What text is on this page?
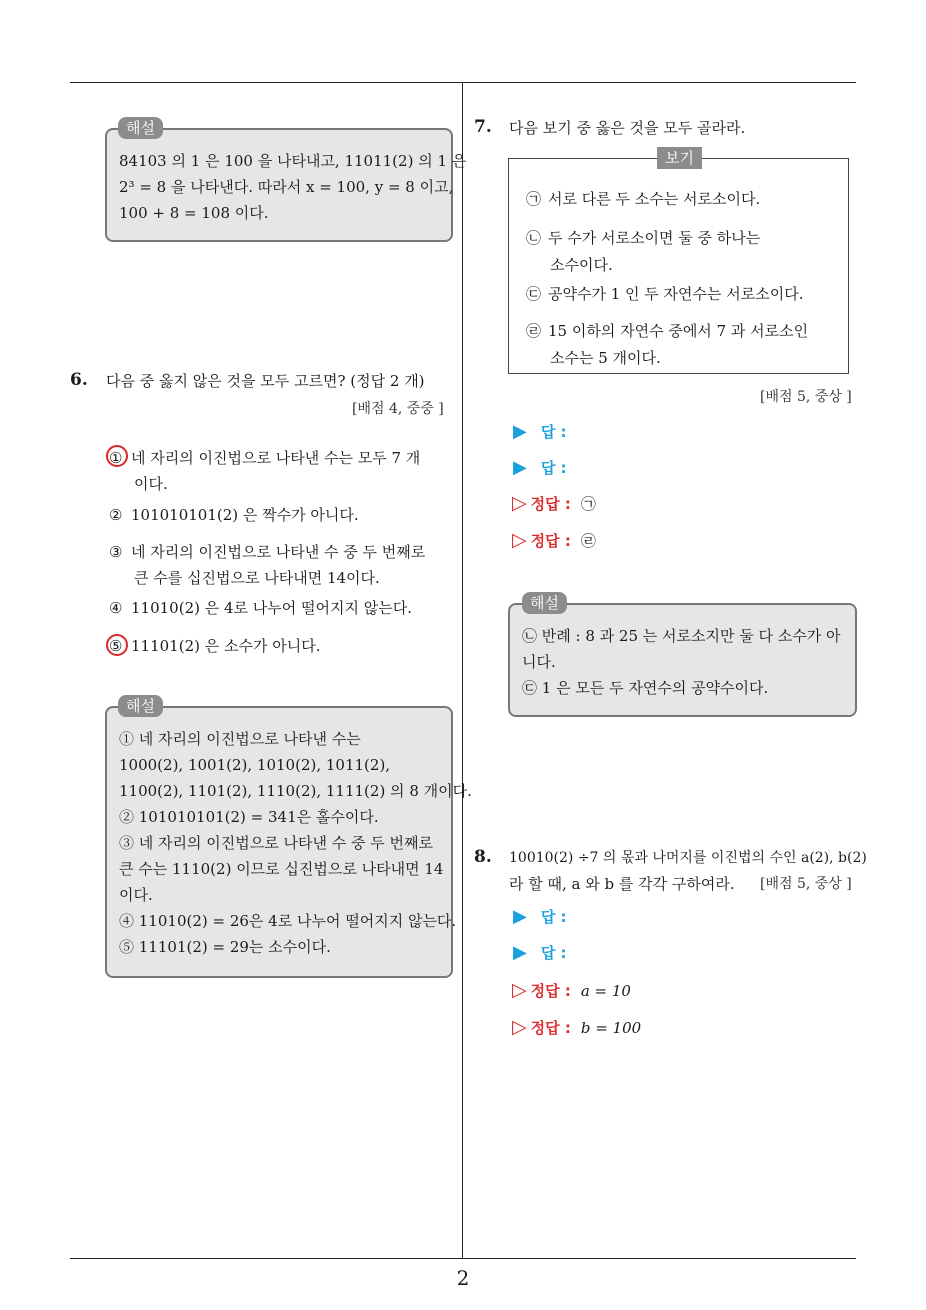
2
84103 의 1 은 100 을 나타내고, 11011(2) 의 1 은
2³ = 8 을 나타낸다. 따라서 x = 100, y = 8 이고,
100 + 8 = 108 이다.
해설
6. 다음 중 옳지 않은 것을 모두 고르면? (정답 2 개)
[배점 4, 중중 ]
① 네 자리의 이진법으로 나타낸 수는 모두 7 개
이다.
② 101010101(2) 은 짝수가 아니다.
③ 네 자리의 이진법으로 나타낸 수 중 두 번째로
큰 수를 십진법으로 나타내면 14이다.
④ 11010(2) 은 4로 나누어 떨어지지 않는다.
⑤ 11101(2) 은 소수가 아니다.
① 네 자리의 이진법으로 나타낸 수는
1000(2), 1001(2), 1010(2), 1011(2),
1100(2), 1101(2), 1110(2), 1111(2) 의 8 개이다.
② 101010101(2) = 341은 홀수이다.
③ 네 자리의 이진법으로 나타낸 수 중 두 번째로
큰 수는 1110(2) 이므로 십진법으로 나타내면 14
이다.
④ 11010(2) = 26은 4로 나누어 떨어지지 않는다.
⑤ 11101(2) = 29는 소수이다.
해설
7. 다음 보기 중 옳은 것을 모두 골라라.
보기
㉠ 서로 다른 두 소수는 서로소이다.
㉡ 두 수가 서로소이면 둘 중 하나는
소수이다.
㉢ 공약수가 1 인 두 자연수는 서로소이다.
㉣ 15 이하의 자연수 중에서 7 과 서로소인
소수는 5 개이다.
[배점 5, 중상 ]
▶ 답 :
▶ 답 :
▷ 정답 : ㉠
▷ 정답 : ㉣
㉡ 반례 : 8 과 25 는 서로소지만 둘 다 소수가 아
니다.
㉢ 1 은 모든 두 자연수의 공약수이다.
해설
8. 10010(2) ÷7 의 몫과 나머지를 이진법의 수인 a(2), b(2)
라 할 때, a 와 b 를 각각 구하여라. [배점 5, 중상 ]
▶ 답 :
▶ 답 :
▷ 정답 : a = 10
▷ 정답 : b = 100
